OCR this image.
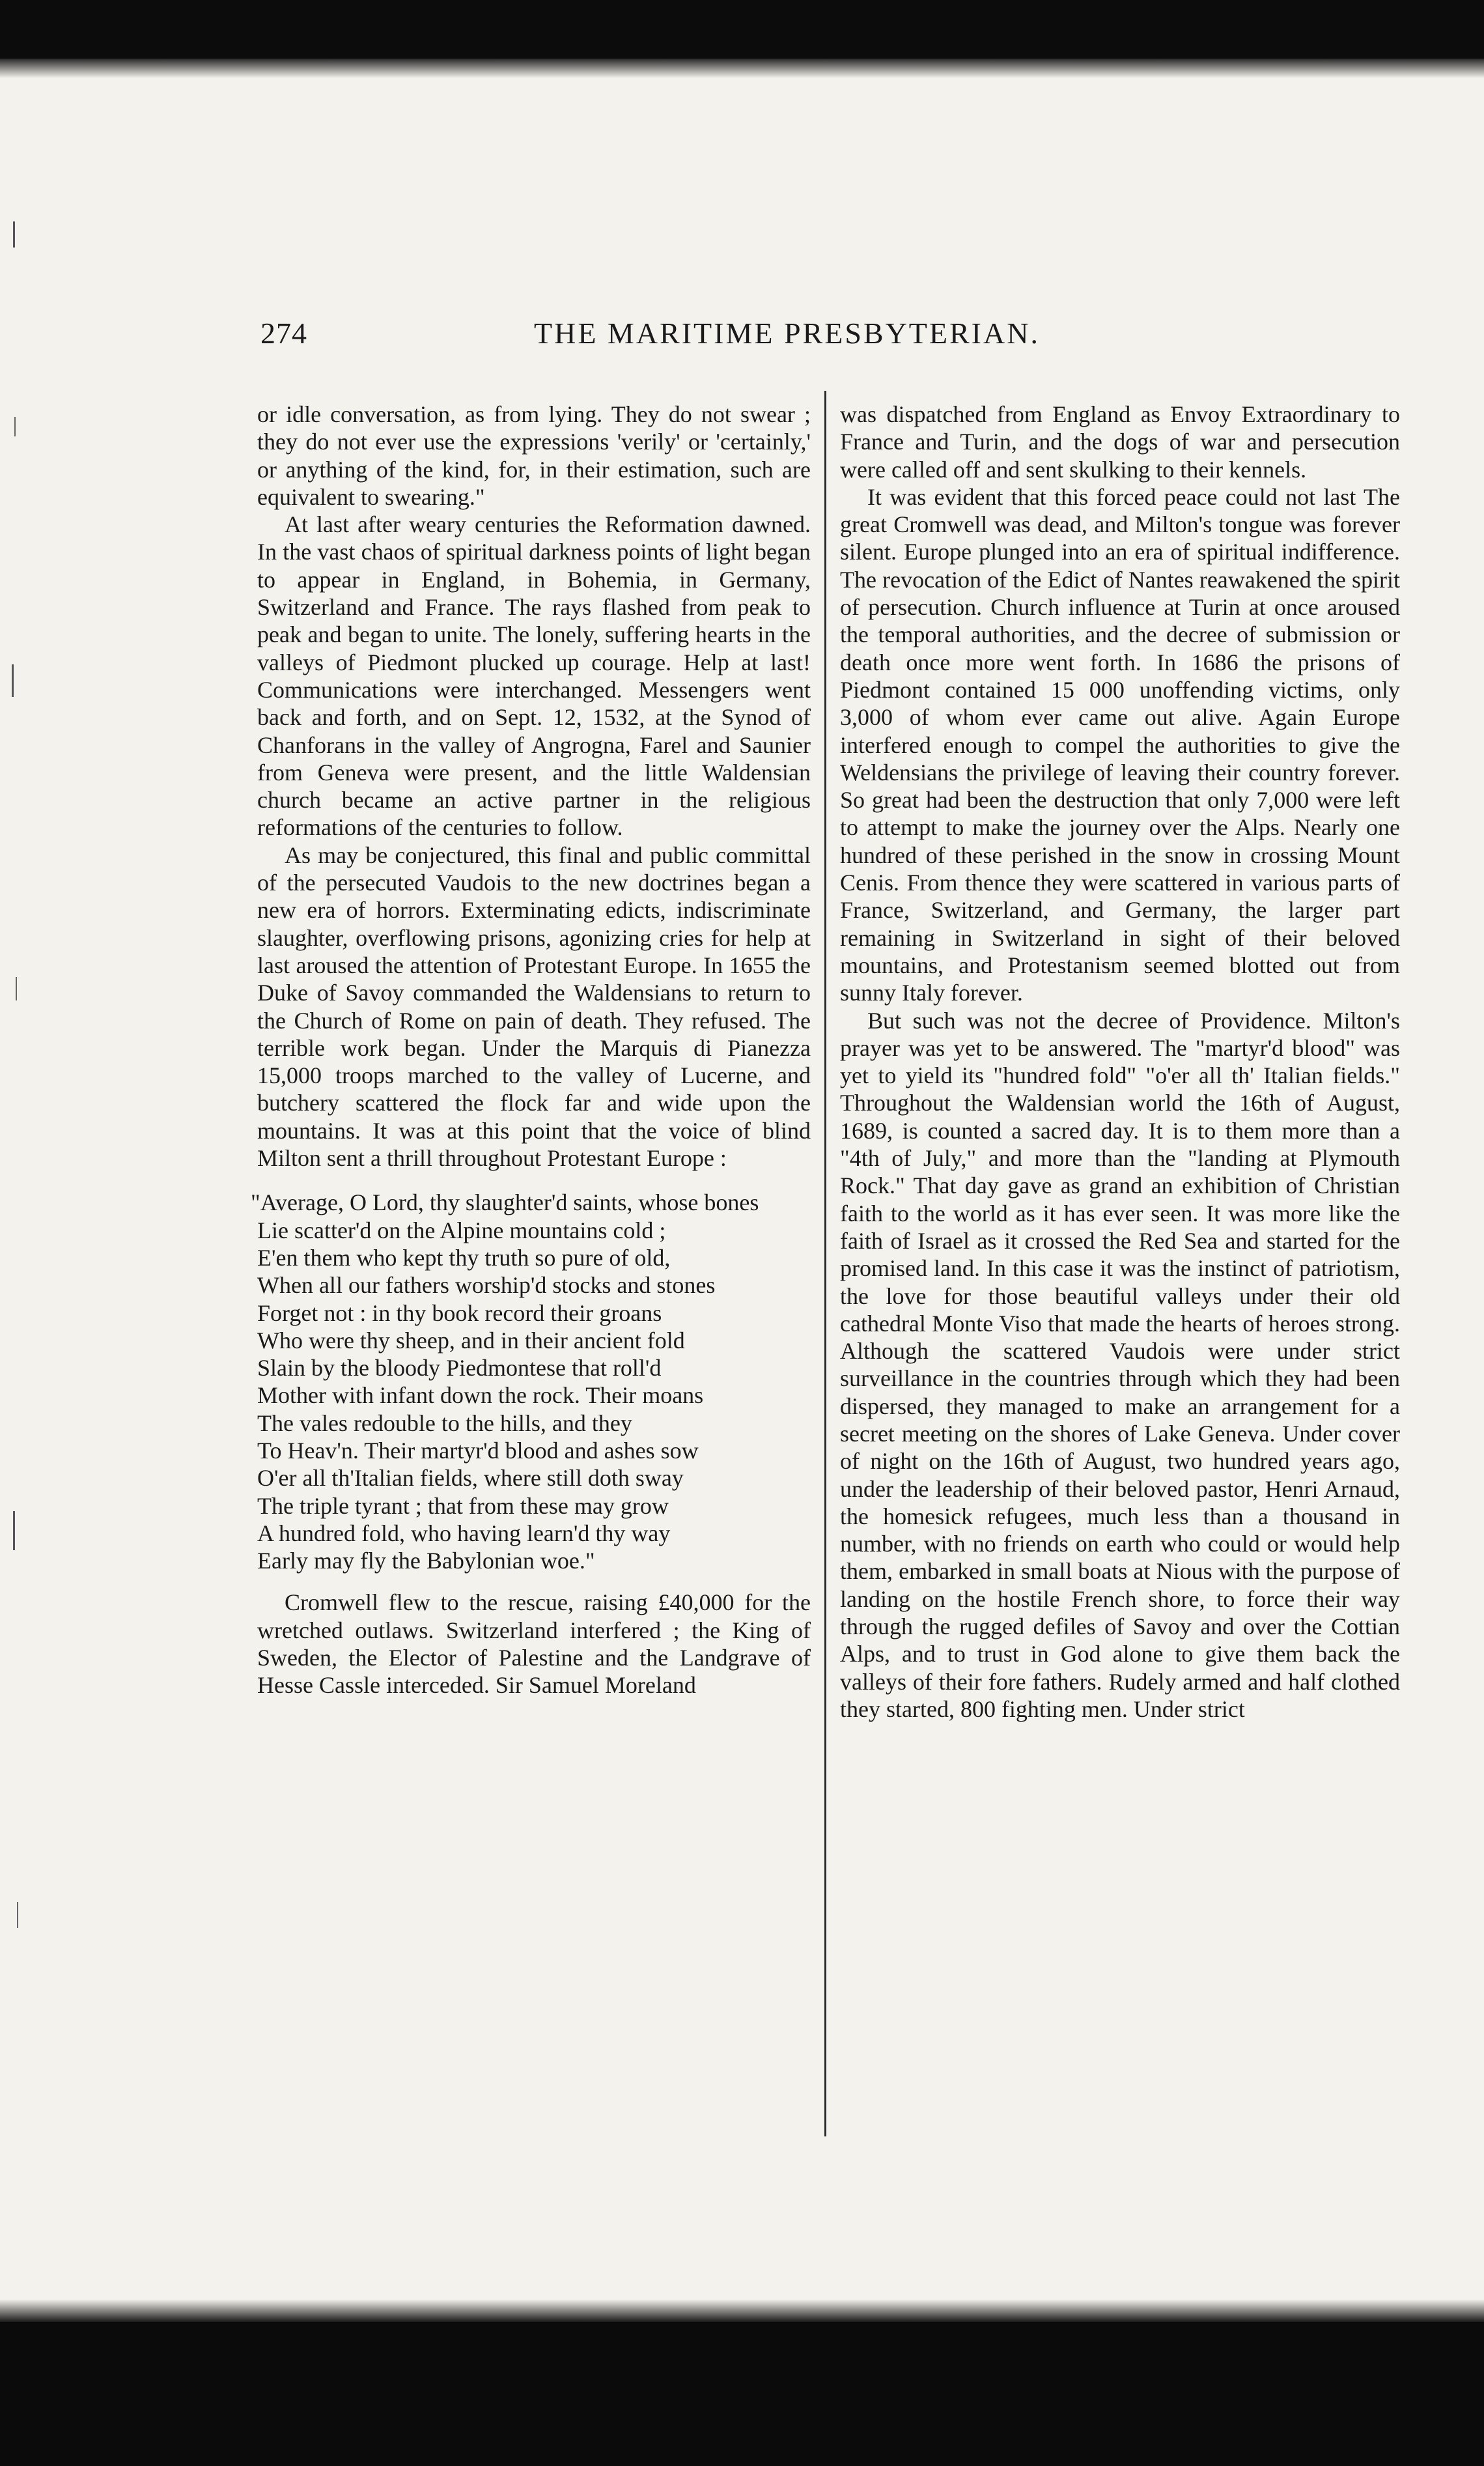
274	THE MARITIME PRESBYTERIAN.

or idle conversation, as from lying. They do not swear ; they do not ever use the expressions 'verily' or 'certainly,' or anything of the kind, for, in their estimation, such are equivalent to swearing."

At last after weary centuries the Reformation dawned. In the vast chaos of spiritual darkness points of light began to appear in England, in Bohemia, in Germany, Switzerland and France. The rays flashed from peak to peak and began to unite. The lonely, suffering hearts in the valleys of Piedmont plucked up courage. Help at last! Communications were interchanged. Messengers went back and forth, and on Sept. 12, 1532, at the Synod of Chanforans in the valley of Angrogna, Farel and Saunier from Geneva were present, and the little Waldensian church became an active partner in the religious reformations of the centuries to follow.

As may be conjectured, this final and public committal of the persecuted Vaudois to the new doctrines began a new era of horrors. Exterminating edicts, indiscriminate slaughter, overflowing prisons, agonizing cries for help at last aroused the attention of Protestant Europe. In 1655 the Duke of Savoy commanded the Waldensians to return to the Church of Rome on pain of death. They refused. The terrible work began. Under the Marquis di Pianezza 15,000 troops marched to the valley of Lucerne, and butchery scattered the flock far and wide upon the mountains. It was at this point that the voice of blind Milton sent a thrill throughout Protestant Europe :

"Average, O Lord, thy slaughter'd saints, whose bones
Lie scatter'd on the Alpine mountains cold ;
E'en them who kept thy truth so pure of old,
When all our fathers worship'd stocks and stones
Forget not : in thy book record their groans
Who were thy sheep, and in their ancient fold
Slain by the bloody Piedmontese that roll'd
Mother with infant down the rock. Their moans
The vales redouble to the hills, and they
To Heav'n. Their martyr'd blood and ashes sow
O'er all th'Italian fields, where still doth sway
The triple tyrant ; that from these may grow
A hundred fold, who having learn'd thy way
Early may fly the Babylonian woe."

Cromwell flew to the rescue, raising £40,000 for the wretched outlaws. Switzerland interfered ; the King of Sweden, the Elector of Palestine and the Landgrave of Hesse Cassle interceded. Sir Samuel Moreland

was dispatched from England as Envoy Extraordinary to France and Turin, and the dogs of war and persecution were called off and sent skulking to their kennels.

It was evident that this forced peace could not last The great Cromwell was dead, and Milton's tongue was forever silent. Europe plunged into an era of spiritual indifference. The revocation of the Edict of Nantes reawakened the spirit of persecution. Church influence at Turin at once aroused the temporal authorities, and the decree of submission or death once more went forth. In 1686 the prisons of Piedmont contained 15 000 unoffending victims, only 3,000 of whom ever came out alive. Again Europe interfered enough to compel the authorities to give the Weldensians the privilege of leaving their country forever. So great had been the destruction that only 7,000 were left to attempt to make the journey over the Alps. Nearly one hundred of these perished in the snow in crossing Mount Cenis. From thence they were scattered in various parts of France, Switzerland, and Germany, the larger part remaining in Switzerland in sight of their beloved mountains, and Protestanism seemed blotted out from sunny Italy forever.

But such was not the decree of Providence. Milton's prayer was yet to be answered. The "martyr'd blood" was yet to yield its "hundred fold" "o'er all th' Italian fields." Throughout the Waldensian world the 16th of August, 1689, is counted a sacred day. It is to them more than a "4th of July," and more than the "landing at Plymouth Rock." That day gave as grand an exhibition of Christian faith to the world as it has ever seen. It was more like the faith of Israel as it crossed the Red Sea and started for the promised land. In this case it was the instinct of patriotism, the love for those beautiful valleys under their old cathedral Monte Viso that made the hearts of heroes strong. Although the scattered Vaudois were under strict surveillance in the countries through which they had been dispersed, they managed to make an arrangement for a secret meeting on the shores of Lake Geneva. Under cover of night on the 16th of August, two hundred years ago, under the leadership of their beloved pastor, Henri Arnaud, the homesick refugees, much less than a thousand in number, with no friends on earth who could or would help them, embarked in small boats at Nious with the purpose of landing on the hostile French shore, to force their way through the rugged defiles of Savoy and over the Cottian Alps, and to trust in God alone to give them back the valleys of their fore fathers. Rudely armed and half clothed they started, 800 fighting men. Under strict
